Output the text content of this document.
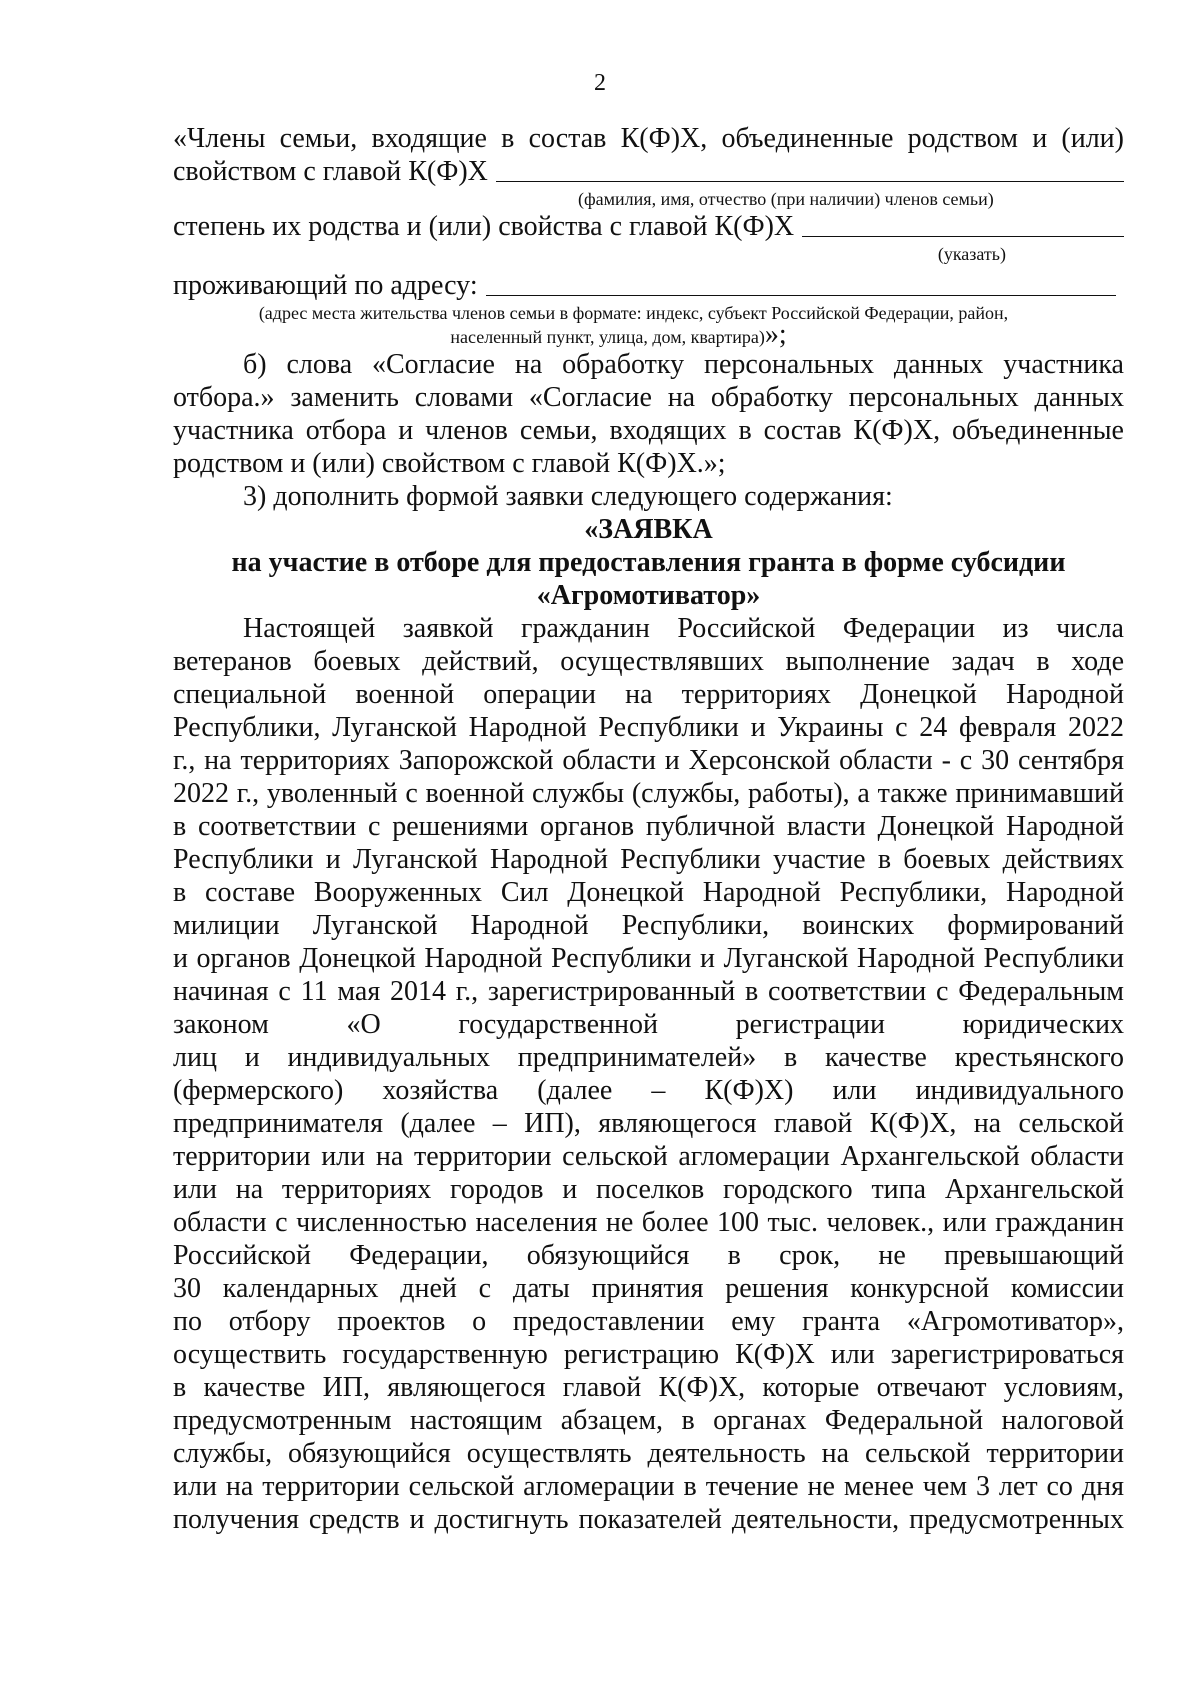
2

«Члены семьи, входящие в состав К(Ф)Х, объединенные родством и (или)

свойством с главой К(Ф)Х

(фамилия, имя, отчество (при наличии) членов семьи)

степень их родства и (или) свойства с главой К(Ф)Х

(указать)

проживающий по адресу:

(адрес места жительства членов семьи в формате: индекс, субъект Российской Федерации, район,

населенный пункт, улица, дом, квартира)»;

б) слова «Согласие на обработку персональных данных участника

отбора.» заменить словами «Согласие на обработку персональных данных

участника отбора и членов семьи, входящих в состав К(Ф)Х, объединенные

родством и (или) свойством с главой К(Ф)Х.»;

3) дополнить формой заявки следующего содержания:

«ЗАЯВКА

на участие в отборе для предоставления гранта в форме субсидии

«Агромотиватор»

Настоящей заявкой гражданин Российской Федерации из числа

ветеранов боевых действий, осуществлявших выполнение задач в ходе

специальной военной операции на территориях Донецкой Народной

Республики, Луганской Народной Республики и Украины с 24 февраля 2022

г., на территориях Запорожской области и Херсонской области - с 30 сентября

2022 г., уволенный с военной службы (службы, работы), а также принимавший

в соответствии с решениями органов публичной власти Донецкой Народной

Республики и Луганской Народной Республики участие в боевых действиях

в составе Вооруженных Сил Донецкой Народной Республики, Народной

милиции Луганской Народной Республики, воинских формирований

и органов Донецкой Народной Республики и Луганской Народной Республики

начиная с 11 мая 2014 г., зарегистрированный в соответствии с Федеральным

законом «О государственной регистрации юридических

лиц и индивидуальных предпринимателей» в качестве крестьянского

(фермерского) хозяйства (далее – К(Ф)Х) или индивидуального

предпринимателя (далее – ИП), являющегося главой К(Ф)Х, на сельской

территории или на территории сельской агломерации Архангельской области

или на территориях городов и поселков городского типа Архангельской

области с численностью населения не более 100 тыс. человек., или гражданин

Российской Федерации, обязующийся в срок, не превышающий

30 календарных дней с даты принятия решения конкурсной комиссии

по отбору проектов о предоставлении ему гранта «Агромотиватор»,

осуществить государственную регистрацию К(Ф)Х или зарегистрироваться

в качестве ИП, являющегося главой К(Ф)Х, которые отвечают условиям,

предусмотренным настоящим абзацем, в органах Федеральной налоговой

службы, обязующийся осуществлять деятельность на сельской территории

или на территории сельской агломерации в течение не менее чем 3 лет со дня

получения средств и достигнуть показателей деятельности, предусмотренных
